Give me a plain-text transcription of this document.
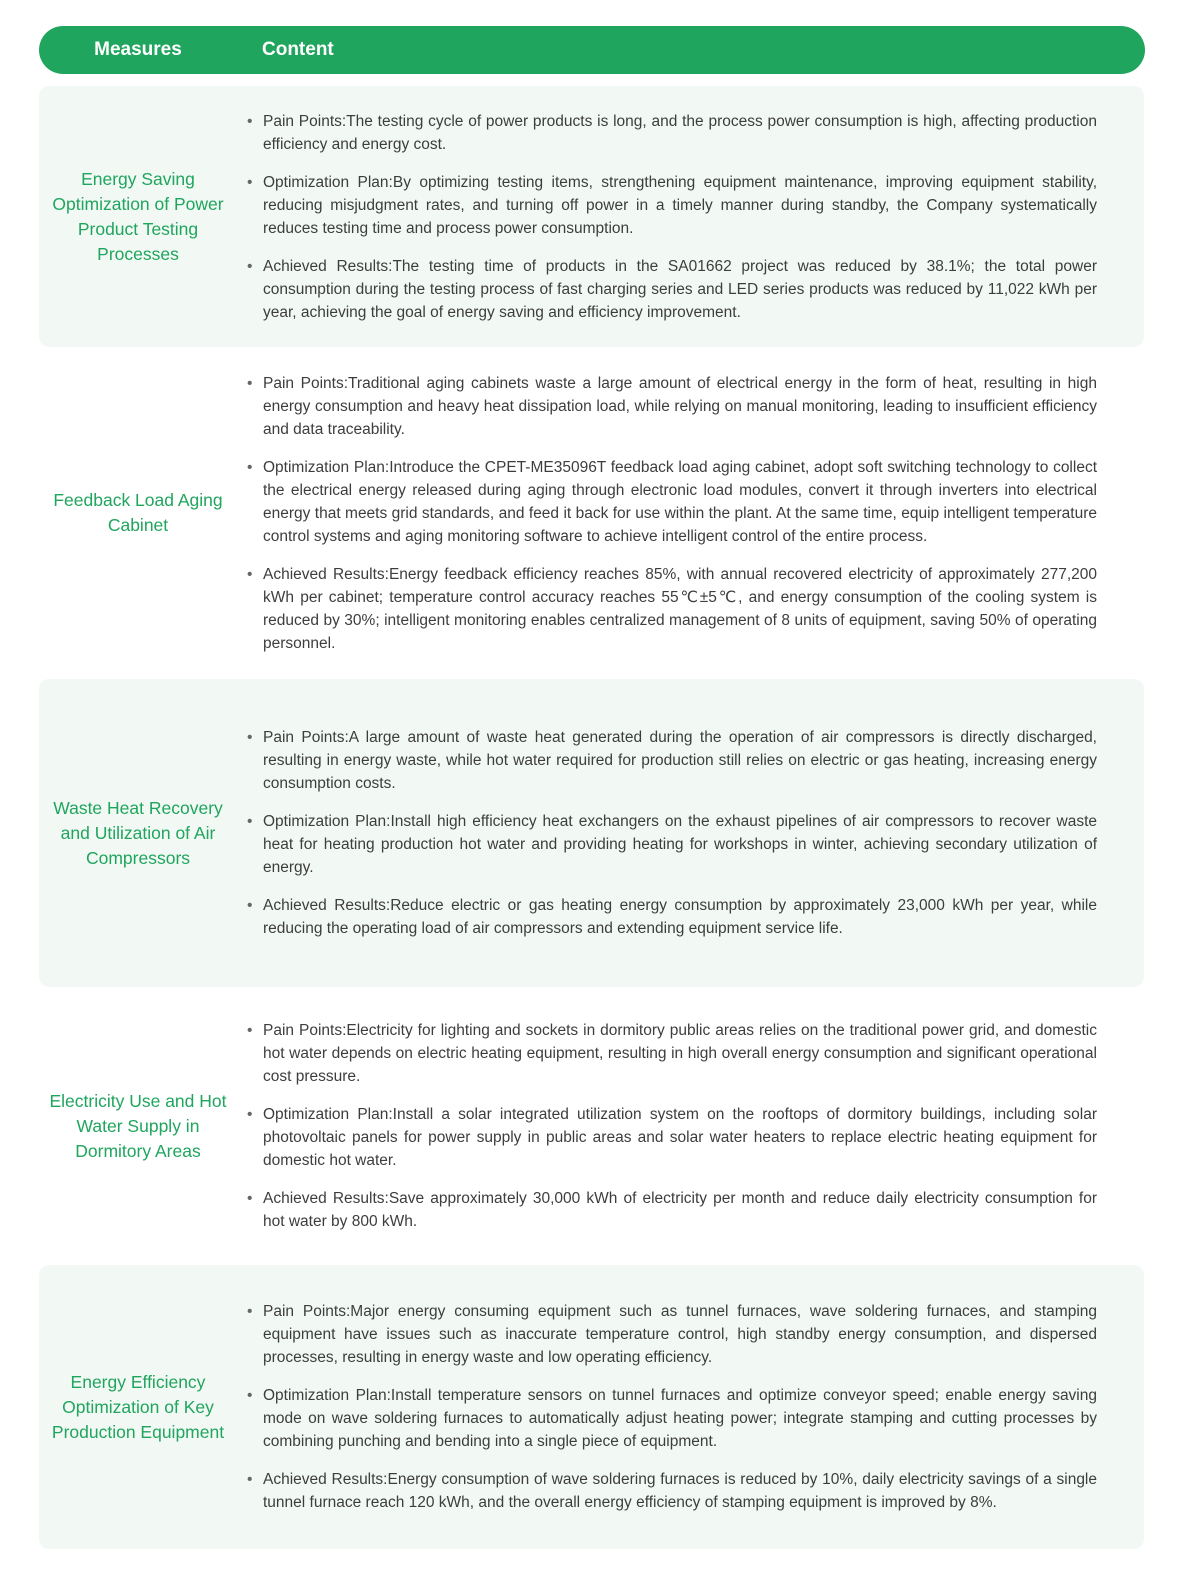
Measures	Content
Energy Saving Optimization of Power Product Testing Processes
• Pain Points:The testing cycle of power products is long, and the process power consumption is high, affecting production efficiency and energy cost.
• Optimization Plan:By optimizing testing items, strengthening equipment maintenance, improving equipment stability, reducing misjudgment rates, and turning off power in a timely manner during standby, the Company systematically reduces testing time and process power consumption.
• Achieved Results:The testing time of products in the SA01662 project was reduced by 38.1%; the total power consumption during the testing process of fast charging series and LED series products was reduced by 11,022 kWh per year, achieving the goal of energy saving and efficiency improvement.
Feedback Load Aging Cabinet
• Pain Points:Traditional aging cabinets waste a large amount of electrical energy in the form of heat, resulting in high energy consumption and heavy heat dissipation load, while relying on manual monitoring, leading to insufficient efficiency and data traceability.
• Optimization Plan:Introduce the CPET-ME35096T feedback load aging cabinet, adopt soft switching technology to collect the electrical energy released during aging through electronic load modules, convert it through inverters into electrical energy that meets grid standards, and feed it back for use within the plant. At the same time, equip intelligent temperature control systems and aging monitoring software to achieve intelligent control of the entire process.
• Achieved Results:Energy feedback efficiency reaches 85%, with annual recovered electricity of approximately 277,200 kWh per cabinet; temperature control accuracy reaches 55℃±5℃, and energy consumption of the cooling system is reduced by 30%; intelligent monitoring enables centralized management of 8 units of equipment, saving 50% of operating personnel.
Waste Heat Recovery and Utilization of Air Compressors
• Pain Points:A large amount of waste heat generated during the operation of air compressors is directly discharged, resulting in energy waste, while hot water required for production still relies on electric or gas heating, increasing energy consumption costs.
• Optimization Plan:Install high efficiency heat exchangers on the exhaust pipelines of air compressors to recover waste heat for heating production hot water and providing heating for workshops in winter, achieving secondary utilization of energy.
• Achieved Results:Reduce electric or gas heating energy consumption by approximately 23,000 kWh per year, while reducing the operating load of air compressors and extending equipment service life.
Electricity Use and Hot Water Supply in Dormitory Areas
• Pain Points:Electricity for lighting and sockets in dormitory public areas relies on the traditional power grid, and domestic hot water depends on electric heating equipment, resulting in high overall energy consumption and significant operational cost pressure.
• Optimization Plan:Install a solar integrated utilization system on the rooftops of dormitory buildings, including solar photovoltaic panels for power supply in public areas and solar water heaters to replace electric heating equipment for domestic hot water.
• Achieved Results:Save approximately 30,000 kWh of electricity per month and reduce daily electricity consumption for hot water by 800 kWh.
Energy Efficiency Optimization of Key Production Equipment
• Pain Points:Major energy consuming equipment such as tunnel furnaces, wave soldering furnaces, and stamping equipment have issues such as inaccurate temperature control, high standby energy consumption, and dispersed processes, resulting in energy waste and low operating efficiency.
• Optimization Plan:Install temperature sensors on tunnel furnaces and optimize conveyor speed; enable energy saving mode on wave soldering furnaces to automatically adjust heating power; integrate stamping and cutting processes by combining punching and bending into a single piece of equipment.
• Achieved Results:Energy consumption of wave soldering furnaces is reduced by 10%, daily electricity savings of a single tunnel furnace reach 120 kWh, and the overall energy efficiency of stamping equipment is improved by 8%.
